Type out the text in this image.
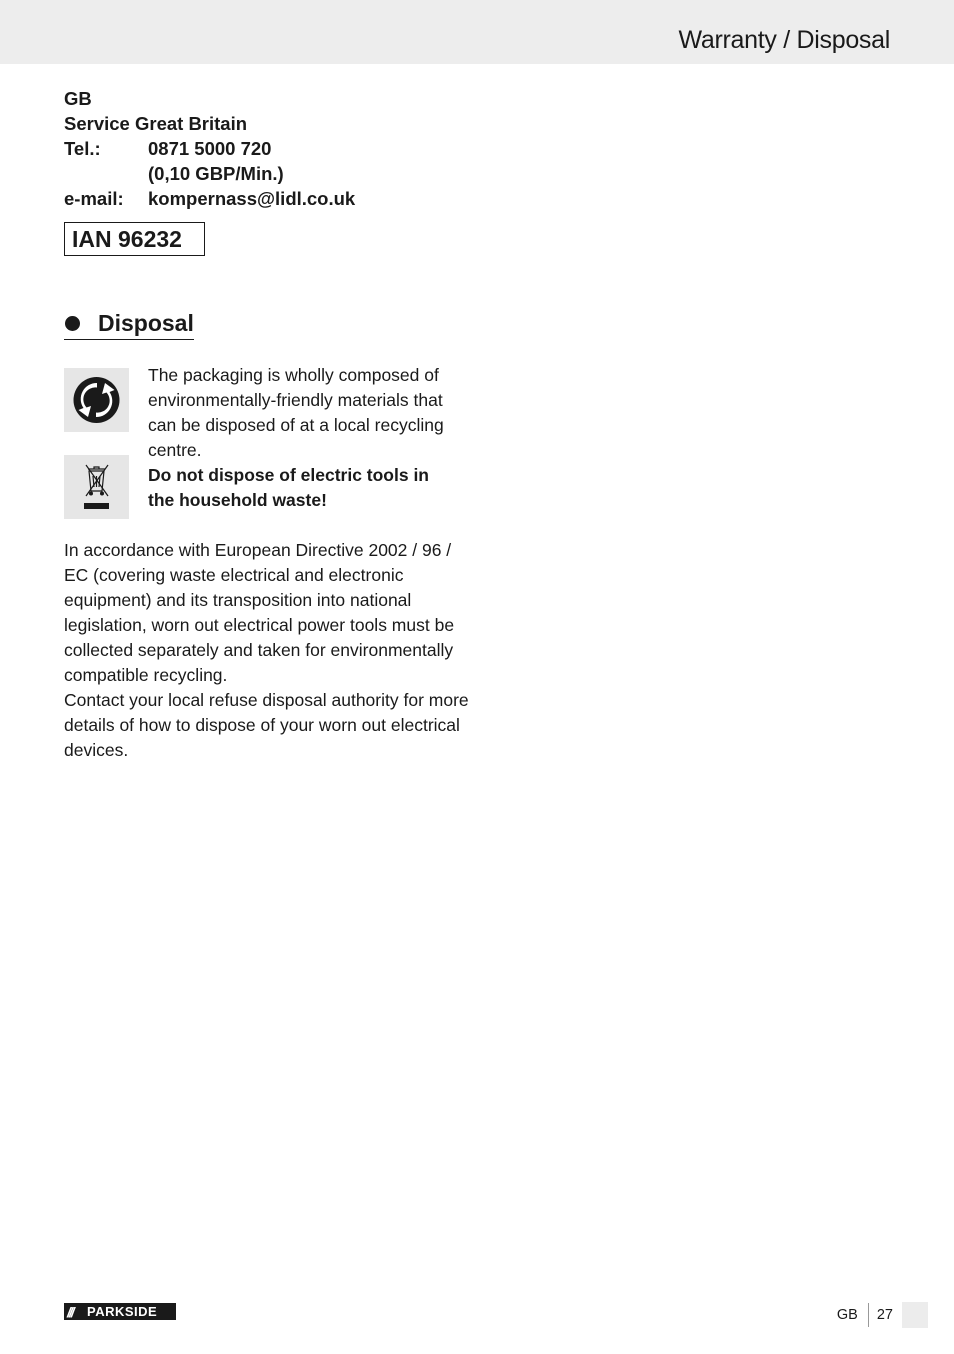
Warranty / Disposal
GB
Service Great Britain
Tel.:	0871 5000 720
(0,10 GBP/Min.)
e-mail:	kompernass@lidl.co.uk
IAN 96232
Disposal
The packaging is wholly composed of environmentally-friendly materials that can be disposed of at a local recycling centre.
Do not dispose of electric tools in the household waste!
In accordance with European Directive 2002 / 96 / EC (covering waste electrical and electronic equipment) and its transposition into national legislation, worn out electrical power tools must be collected separately and taken for environmentally compatible recycling.
Contact your local refuse disposal authority for more details of how to dispose of your worn out electrical devices.
///	PARKSIDE	GB	27
